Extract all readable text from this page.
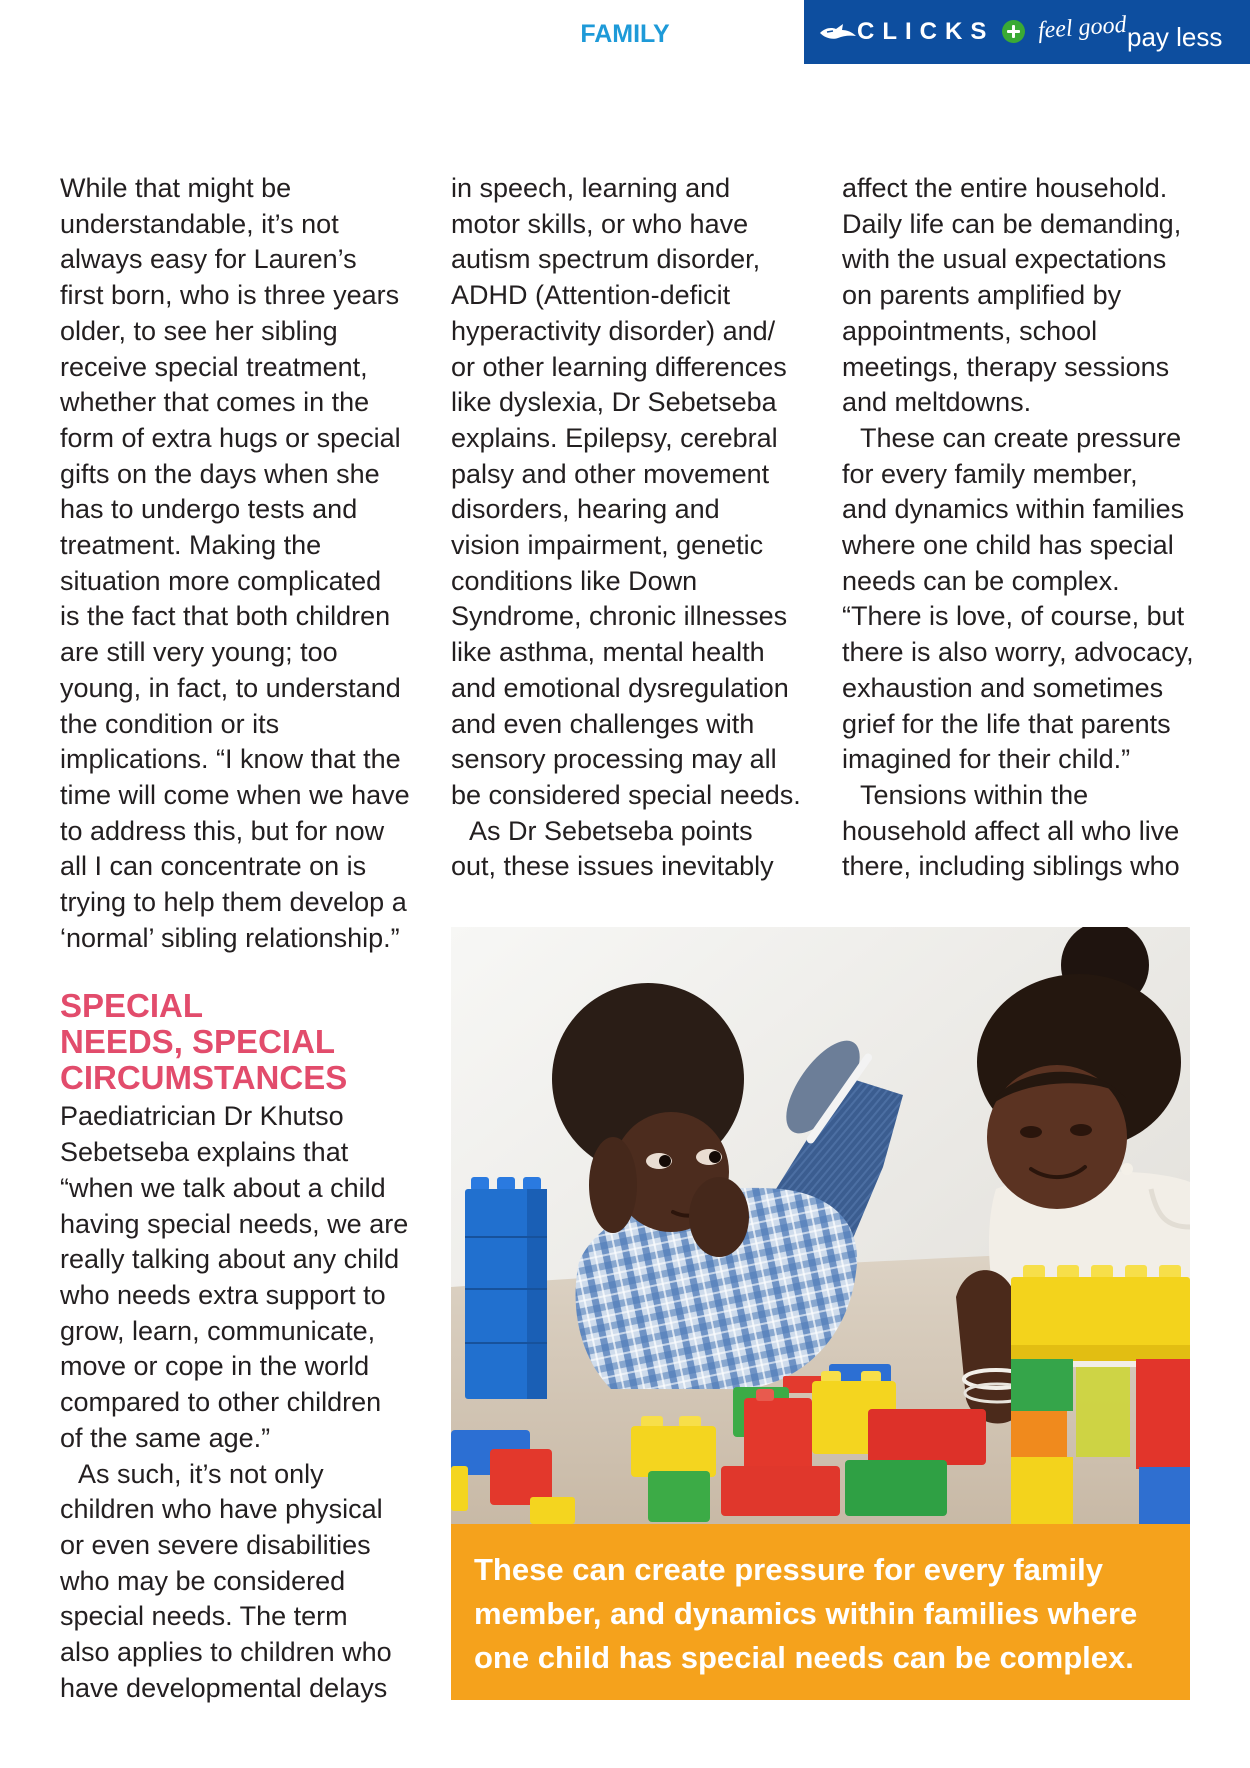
FAMILY	CLICKS feel good pay less
While that might be
understandable, it’s not
always easy for Lauren’s
first born, who is three years
older, to see her sibling
receive special treatment,
whether that comes in the
form of extra hugs or special
gifts on the days when she
has to undergo tests and
treatment. Making the
situation more complicated
is the fact that both children
are still very young; too
young, in fact, to understand
the condition or its
implications. “I know that the
time will come when we have
to address this, but for now
all I can concentrate on is
trying to help them develop a
‘normal’ sibling relationship.”
SPECIAL
NEEDS, SPECIAL
CIRCUMSTANCES
Paediatrician Dr Khutso
Sebetseba explains that
“when we talk about a child
having special needs, we are
really talking about any child
who needs extra support to
grow, learn, communicate,
move or cope in the world
compared to other children
of the same age.”
As such, it’s not only
children who have physical
or even severe disabilities
who may be considered
special needs. The term
also applies to children who
have developmental delays
in speech, learning and
motor skills, or who have
autism spectrum disorder,
ADHD (Attention-deficit
hyperactivity disorder) and/
or other learning differences
like dyslexia, Dr Sebetseba
explains. Epilepsy, cerebral
palsy and other movement
disorders, hearing and
vision impairment, genetic
conditions like Down
Syndrome, chronic illnesses
like asthma, mental health
and emotional dysregulation
and even challenges with
sensory processing may all
be considered special needs.
As Dr Sebetseba points
out, these issues inevitably
affect the entire household.
Daily life can be demanding,
with the usual expectations
on parents amplified by
appointments, school
meetings, therapy sessions
and meltdowns.
These can create pressure
for every family member,
and dynamics within families
where one child has special
needs can be complex.
“There is love, of course, but
there is also worry, advocacy,
exhaustion and sometimes
grief for the life that parents
imagined for their child.”
Tensions within the
household affect all who live
there, including siblings who
These can create pressure for every family
member, and dynamics within families where
one child has special needs can be complex.
